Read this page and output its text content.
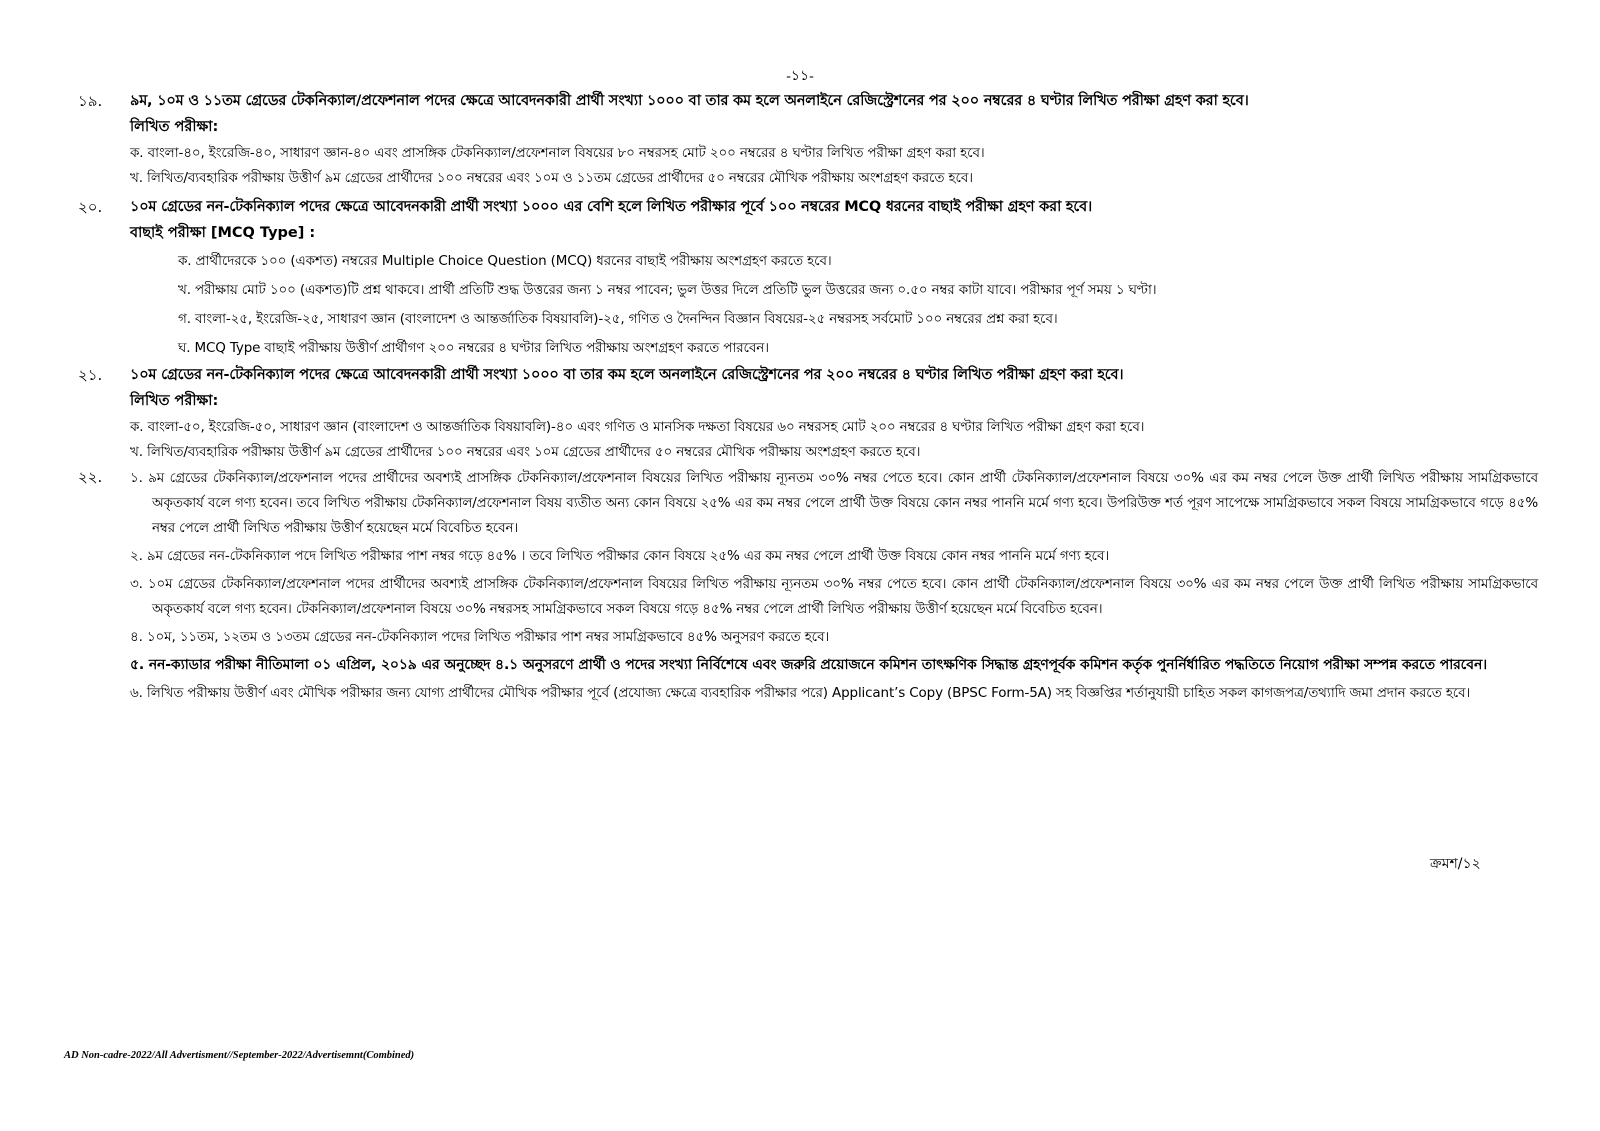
-১১-
১৯.	৯ম, ১০ম ও ১১তম গ্রেডের টেকনিক্যাল/প্রফেশনাল পদের ক্ষেত্রে আবেদনকারী প্রার্থী সংখ্যা ১০০০ বা তার কম হলে অনলাইনে রেজিস্ট্রেশনের পর ২০০ নম্বরের ৪ ঘণ্টার লিখিত পরীক্ষা গ্রহণ করা হবে।
লিখিত পরীক্ষা:
ক. বাংলা-৪০, ইংরেজি-৪০, সাধারণ জ্ঞান-৪০ এবং প্রাসঙ্গিক টেকনিক্যাল/প্রফেশনাল বিষয়ের ৮০ নম্বরসহ মোট ২০০ নম্বরের ৪ ঘণ্টার লিখিত পরীক্ষা গ্রহণ করা হবে।
খ. লিখিত/ব্যবহারিক পরীক্ষায় উত্তীর্ণ ৯ম গ্রেডের প্রার্থীদের ১০০ নম্বরের এবং ১০ম ও ১১তম গ্রেডের প্রার্থীদের ৫০ নম্বরের মৌখিক পরীক্ষায় অংশগ্রহণ করতে হবে।
২০.	১০ম গ্রেডের নন-টেকনিক্যাল পদের ক্ষেত্রে আবেদনকারী প্রার্থী সংখ্যা ১০০০ এর বেশি হলে লিখিত পরীক্ষার পূর্বে ১০০ নম্বরের MCQ ধরনের বাছাই পরীক্ষা গ্রহণ করা হবে।
বাছাই পরীক্ষা [MCQ Type] :
ক. প্রার্থীদেরকে ১০০ (একশত) নম্বরের Multiple Choice Question (MCQ) ধরনের বাছাই পরীক্ষায় অংশগ্রহণ করতে হবে।
খ. পরীক্ষায় মোট ১০০ (একশত)টি প্রশ্ন থাকবে। প্রার্থী প্রতিটি শুদ্ধ উত্তরের জন্য ১ নম্বর পাবেন; ভুল উত্তর দিলে প্রতিটি ভুল উত্তরের জন্য ০.৫০ নম্বর কাটা যাবে। পরীক্ষার পূর্ণ সময় ১ ঘণ্টা।
গ. বাংলা-২৫, ইংরেজি-২৫, সাধারণ জ্ঞান (বাংলাদেশ ও আন্তর্জাতিক বিষয়াবলি)-২৫, গণিত ও দৈনন্দিন বিজ্ঞান বিষয়ের-২৫ নম্বরসহ সর্বমোট ১০০ নম্বরের প্রশ্ন করা হবে।
ঘ. MCQ Type বাছাই পরীক্ষায় উত্তীর্ণ প্রার্থীগণ ২০০ নম্বরের ৪ ঘণ্টার লিখিত পরীক্ষায় অংশগ্রহণ করতে পারবেন।
২১.	১০ম গ্রেডের নন-টেকনিক্যাল পদের ক্ষেত্রে আবেদনকারী প্রার্থী সংখ্যা ১০০০ বা তার কম হলে অনলাইনে রেজিস্ট্রেশনের পর ২০০ নম্বরের ৪ ঘণ্টার লিখিত পরীক্ষা গ্রহণ করা হবে।
লিখিত পরীক্ষা:
ক. বাংলা-৫০, ইংরেজি-৫০, সাধারণ জ্ঞান (বাংলাদেশ ও আন্তর্জাতিক বিষয়াবলি)-৪০ এবং গণিত ও মানসিক দক্ষতা বিষয়ের ৬০ নম্বরসহ মোট ২০০ নম্বরের ৪ ঘণ্টার লিখিত পরীক্ষা গ্রহণ করা হবে।
খ. লিখিত/ব্যবহারিক পরীক্ষায় উত্তীর্ণ ৯ম গ্রেডের প্রার্থীদের ১০০ নম্বরের এবং ১০ম গ্রেডের প্রার্থীদের ৫০ নম্বরের মৌখিক পরীক্ষায় অংশগ্রহণ করতে হবে।
২২.	১. ৯ম গ্রেডের টেকনিক্যাল/প্রফেশনাল পদের প্রার্থীদের অবশ্যই প্রাসঙ্গিক টেকনিক্যাল/প্রফেশনাল বিষয়ের লিখিত পরীক্ষায় ন্যূনতম ৩০% নম্বর পেতে হবে। কোন প্রার্থী টেকনিক্যাল/প্রফেশনাল বিষয়ে ৩০% এর কম নম্বর পেলে উক্ত প্রার্থী লিখিত পরীক্ষায় সামগ্রিকভাবে অকৃতকার্য বলে গণ্য হবেন। তবে লিখিত পরীক্ষায় টেকনিক্যাল/প্রফেশনাল বিষয় ব্যতীত অন্য কোন বিষয়ে ২৫% এর কম নম্বর পেলে প্রার্থী উক্ত বিষয়ে কোন নম্বর পাননি মর্মে গণ্য হবে। উপরিউক্ত শর্ত পূরণ সাপেক্ষে সামগ্রিকভাবে সকল বিষয়ে সামগ্রিকভাবে গড়ে ৪৫% নম্বর পেলে প্রার্থী লিখিত পরীক্ষায় উত্তীর্ণ হয়েছেন মর্মে বিবেচিত হবেন।
২. ৯ম গ্রেডের নন-টেকনিক্যাল পদে লিখিত পরীক্ষার পাশ নম্বর গড়ে ৪৫% । তবে লিখিত পরীক্ষার কোন বিষয়ে ২৫% এর কম নম্বর পেলে প্রার্থী উক্ত বিষয়ে কোন নম্বর পাননি মর্মে গণ্য হবে।
৩. ১০ম গ্রেডের টেকনিক্যাল/প্রফেশনাল পদের প্রার্থীদের অবশ্যই প্রাসঙ্গিক টেকনিক্যাল/প্রফেশনাল বিষয়ের লিখিত পরীক্ষায় ন্যূনতম ৩০% নম্বর পেতে হবে। কোন প্রার্থী টেকনিক্যাল/প্রফেশনাল বিষয়ে ৩০% এর কম নম্বর পেলে উক্ত প্রার্থী লিখিত পরীক্ষায় সামগ্রিকভাবে অকৃতকার্য বলে গণ্য হবেন। টেকনিক্যাল/প্রফেশনাল বিষয়ে ৩০% নম্বরসহ সামগ্রিকভাবে সকল বিষয়ে গড়ে ৪৫% নম্বর পেলে প্রার্থী লিখিত পরীক্ষায় উত্তীর্ণ হয়েছেন মর্মে বিবেচিত হবেন।
৪. ১০ম, ১১তম, ১২তম ও ১৩তম গ্রেডের নন-টেকনিক্যাল পদের লিখিত পরীক্ষার পাশ নম্বর সামগ্রিকভাবে ৪৫% অনুসরণ করতে হবে।
৫. নন-ক্যাডার পরীক্ষা নীতিমালা ০১ এপ্রিল, ২০১৯ এর অনুচ্ছেদ ৪.১ অনুসরণে প্রার্থী ও পদের সংখ্যা নির্বিশেষে এবং জরুরি প্রয়োজনে কমিশন তাৎক্ষণিক সিদ্ধান্ত গ্রহণপূর্বক কমিশন কর্তৃক পুনর্নির্ধারিত পদ্ধতিতে নিয়োগ পরীক্ষা সম্পন্ন করতে পারবেন।
৬. লিখিত পরীক্ষায় উত্তীর্ণ এবং মৌখিক পরীক্ষার জন্য যোগ্য প্রার্থীদের মৌখিক পরীক্ষার পূর্বে (প্রযোজ্য ক্ষেত্রে ব্যবহারিক পরীক্ষার পরে) Applicant’s Copy (BPSC Form-5A) সহ বিজ্ঞপ্তির শর্তানুযায়ী চাহিত সকল কাগজপত্র/তথ্যাদি জমা প্রদান করতে হবে।
ক্রমশ/১২
AD Non-cadre-2022/All Advertisment//September-2022/Advertisemnt(Combined)
